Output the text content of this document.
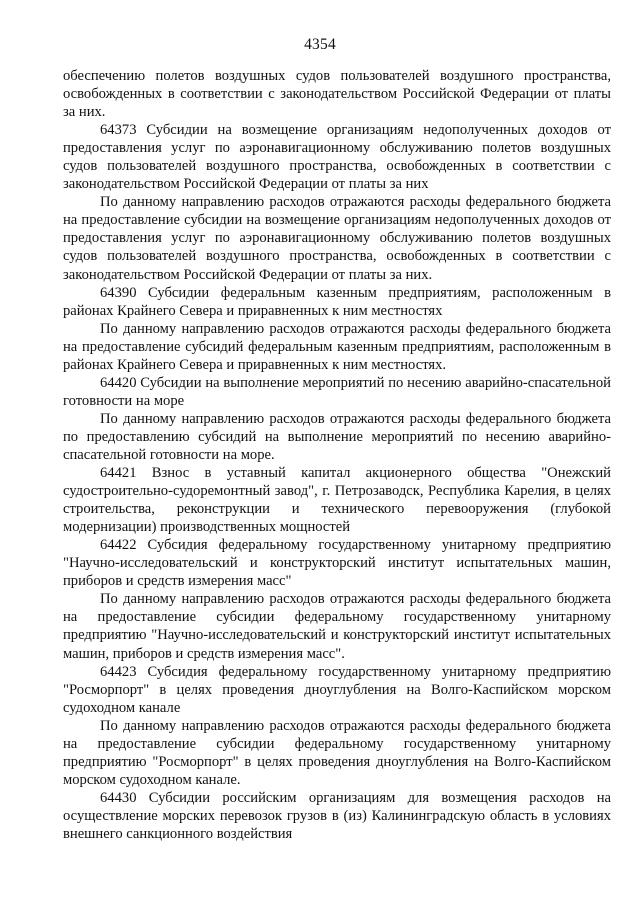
4354

обеспечению полетов воздушных судов пользователей воздушного пространства, освобожденных в соответствии с законодательством Российской Федерации от платы за них.

64373 Субсидии на возмещение организациям недополученных доходов от предоставления услуг по аэронавигационному обслуживанию полетов воздушных судов пользователей воздушного пространства, освобожденных в соответствии с законодательством Российской Федерации от платы за них

По данному направлению расходов отражаются расходы федерального бюджета на предоставление субсидии на возмещение организациям недополученных доходов от предоставления услуг по аэронавигационному обслуживанию полетов воздушных судов пользователей воздушного пространства, освобожденных в соответствии с законодательством Российской Федерации от платы за них.

64390 Субсидии федеральным казенным предприятиям, расположенным в районах Крайнего Севера и приравненных к ним местностях

По данному направлению расходов отражаются расходы федерального бюджета на предоставление субсидий федеральным казенным предприятиям, расположенным в районах Крайнего Севера и приравненных к ним местностях.

64420 Субсидии на выполнение мероприятий по несению аварийно-спасательной готовности на море

По данному направлению расходов отражаются расходы федерального бюджета по предоставлению субсидий на выполнение мероприятий по несению аварийно-спасательной готовности на море.

64421 Взнос в уставный капитал акционерного общества "Онежский судостроительно-судоремонтный завод", г. Петрозаводск, Республика Карелия, в целях строительства, реконструкции и технического перевооружения (глубокой модернизации) производственных мощностей

64422 Субсидия федеральному государственному унитарному предприятию "Научно-исследовательский и конструкторский институт испытательных машин, приборов и средств измерения масс"

По данному направлению расходов отражаются расходы федерального бюджета на предоставление субсидии федеральному государственному унитарному предприятию "Научно-исследовательский и конструкторский институт испытательных машин, приборов и средств измерения масс".

64423 Субсидия федеральному государственному унитарному предприятию "Росморпорт" в целях проведения дноуглубления на Волго-Каспийском морском судоходном канале

По данному направлению расходов отражаются расходы федерального бюджета на предоставление субсидии федеральному государственному унитарному предприятию "Росморпорт" в целях проведения дноуглубления на Волго-Каспийском морском судоходном канале.

64430 Субсидии российским организациям для возмещения расходов на осуществление морских перевозок грузов в (из) Калининградскую область в условиях внешнего санкционного воздействия
